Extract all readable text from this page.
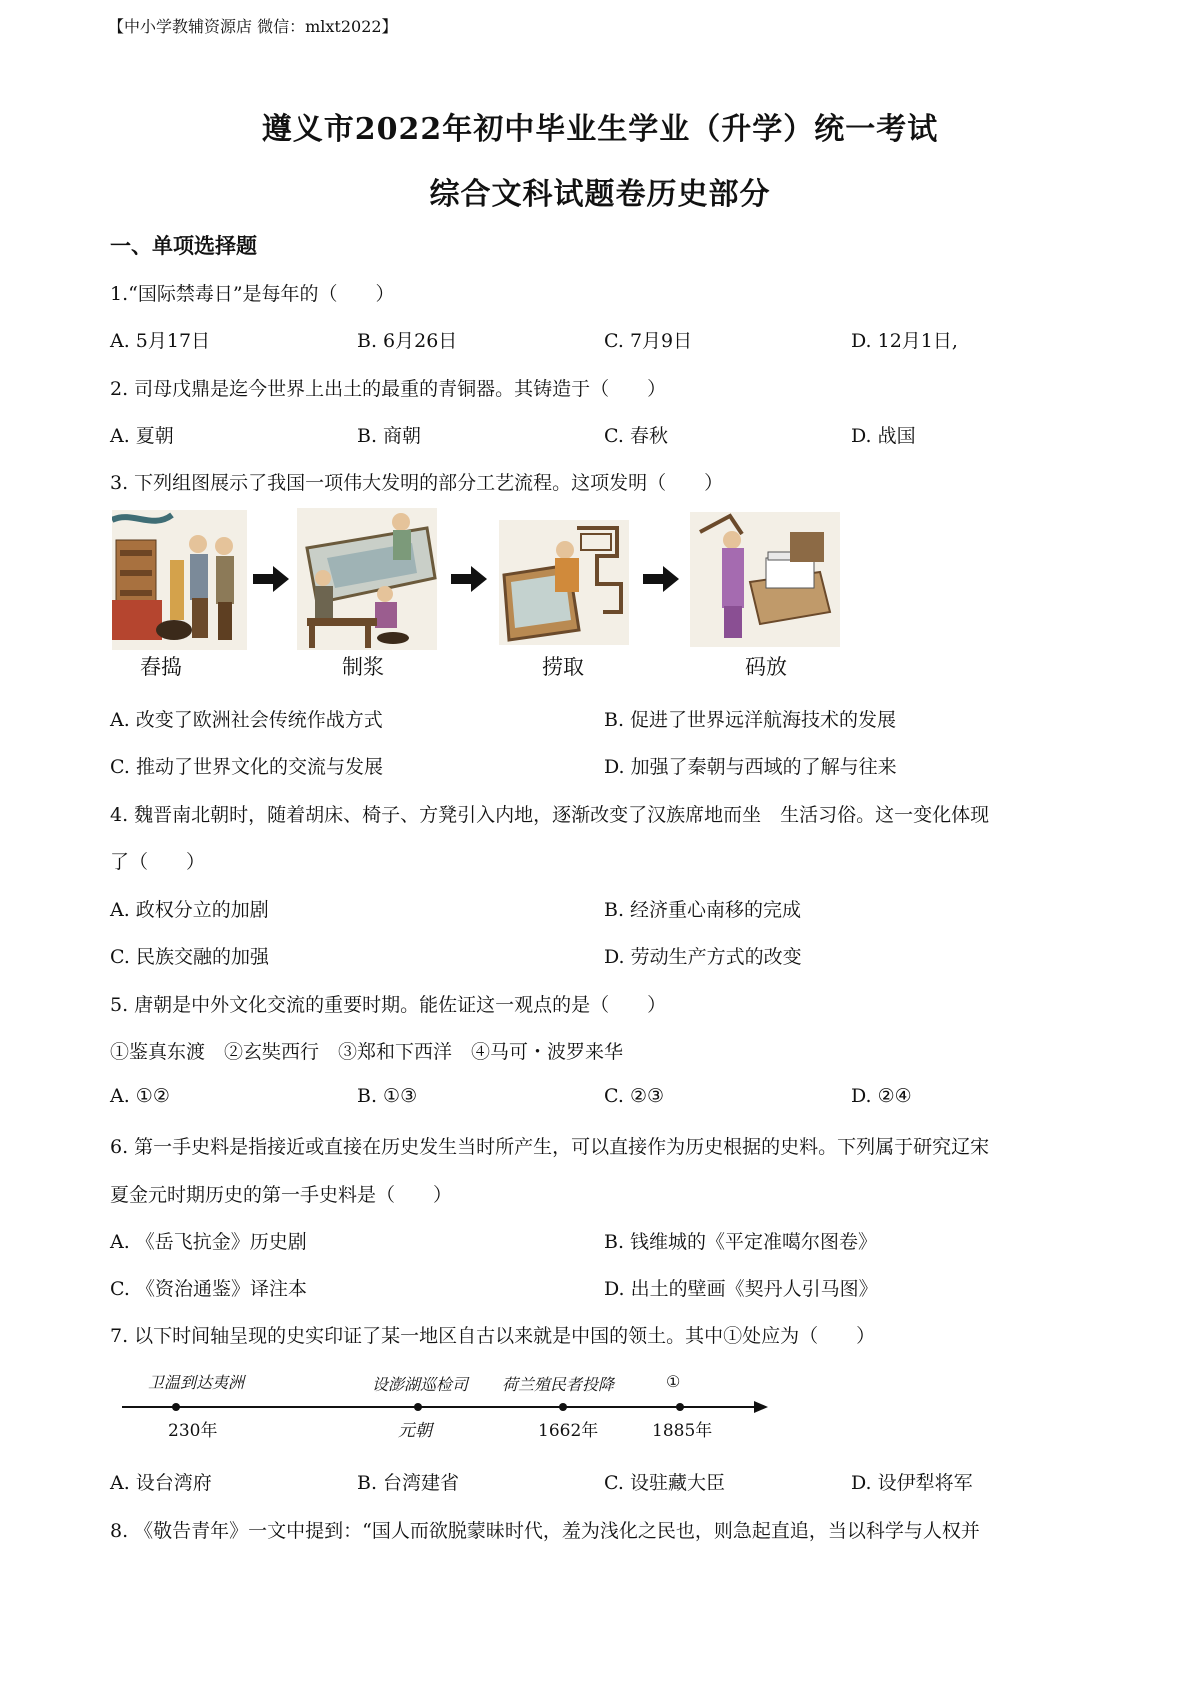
【中小学教辅资源店 微信：mlxt2022】
遵义市2022年初中毕业生学业（升学）统一考试
综合文科试题卷历史部分
一、单项选择题
1.“国际禁毒日”是每年的（　　）
A. 5月17日	B. 6月26日	C. 7月9日	D. 12月1日,
2. 司母戊鼎是迄今世界上出土的最重的青铜器。其铸造于（　　）
A. 夏朝	B. 商朝	C. 春秋	D. 战国
3. 下列组图展示了我国一项伟大发明的部分工艺流程。这项发明（　　）
舂捣	制浆	捞取	码放
A. 改变了欧洲社会传统作战方式	B. 促进了世界远洋航海技术的发展
C. 推动了世界文化的交流与发展	D. 加强了秦朝与西域的了解与往来
4. 魏晋南北朝时，随着胡床、椅子、方凳引入内地，逐渐改变了汉族席地而坐　生活习俗。这一变化体现
了（　　）
A. 政权分立的加剧	B. 经济重心南移的完成
C. 民族交融的加强	D. 劳动生产方式的改变
5. 唐朝是中外文化交流的重要时期。能佐证这一观点的是（　　）
①鉴真东渡　②玄奘西行　③郑和下西洋　④马可・波罗来华
A. ①②	B. ①③	C. ②③	D. ②④
6. 第一手史料是指接近或直接在历史发生当时所产生，可以直接作为历史根据的史料。下列属于研究辽宋
夏金元时期历史的第一手史料是（　　）
A. 《岳飞抗金》历史剧	B. 钱维城的《平定准噶尔图卷》
C. 《资治通鉴》译注本	D. 出土的壁画《契丹人引马图》
7. 以下时间轴呈现的史实印证了某一地区自古以来就是中国的领土。其中①处应为（　　）
卫温到达夷洲	设澎湖巡检司 荷兰殖民者投降	①
230年	元朝	1662年	1885年
A. 设台湾府	B. 台湾建省	C. 设驻藏大臣	D. 设伊犁将军
8. 《敬告青年》一文中提到：“国人而欲脱蒙昧时代，羞为浅化之民也，则急起直追，当以科学与人权并
